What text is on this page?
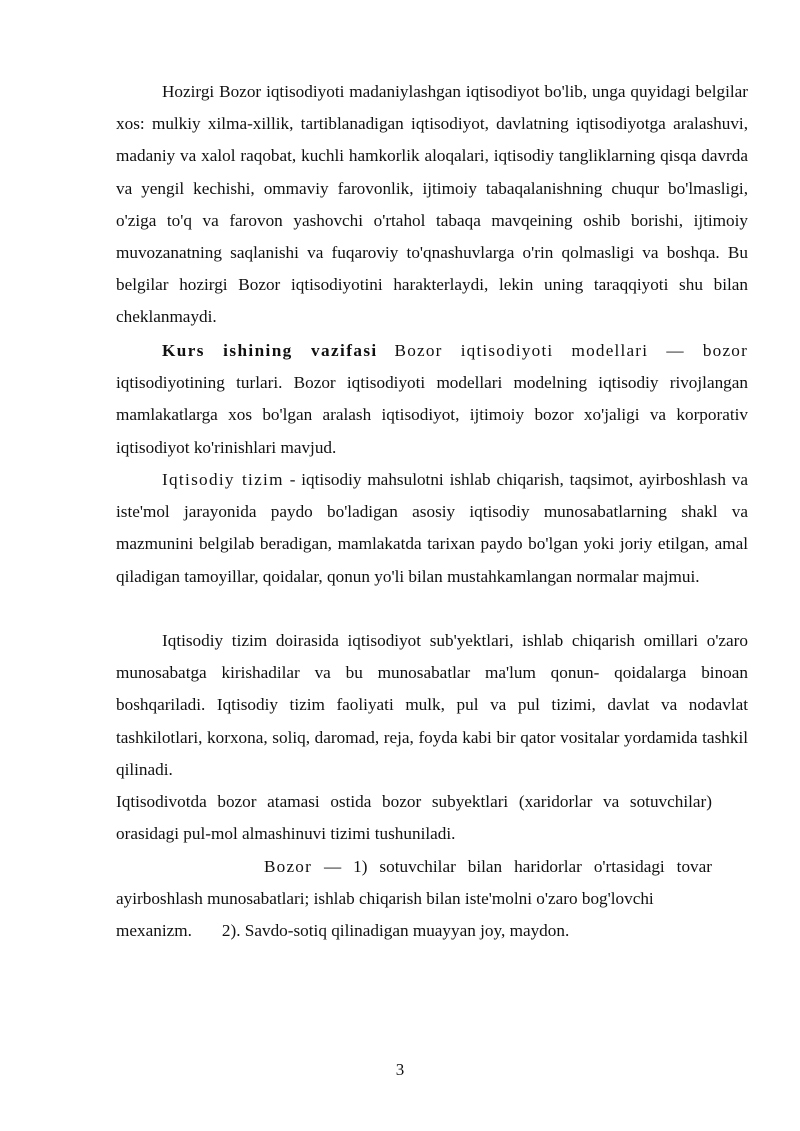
Hozirgi Bozor iqtisodiyoti madaniylashgan iqtisodiyot bo'lib, unga quyidagi belgilar xos: mulkiy xilma-xillik, tartiblanadigan iqtisodiyot, davlatning iqtisodiyotga aralashuvi, madaniy va xalol raqobat, kuchli hamkorlik aloqalari, iqtisodiy tangliklarning qisqa davrda va yengil kechishi, ommaviy farovonlik, ijtimoiy tabaqalanishning chuqur bo'lmasligi, o'ziga to'q va farovon yashovchi o'rtahol tabaqa mavqeining oshib borishi, ijtimoiy muvozanatning saqlanishi va fuqaroviy to'qnashuvlarga o'rin qolmasligi va boshqa. Bu belgilar hozirgi Bozor iqtisodiyotini harakterlaydi, lekin uning taraqqiyoti shu bilan cheklanmaydi.

Kurs ishining vazifasi Bozor iqtisodiyoti modellari — bozor iqtisodiyotining turlari. Bozor iqtisodiyoti modellari modelning iqtisodiy rivojlangan mamlakatlarga xos bo'lgan aralash iqtisodiyot, ijtimoiy bozor xo'jaligi va korporativ iqtisodiyot ko'rinishlari mavjud.

Iqtisodiy tizim - iqtisodiy mahsulotni ishlab chiqarish, taqsimot, ayirboshlash va iste'mol jarayonida paydo bo'ladigan asosiy iqtisodiy munosabatlarning shakl va mazmunini belgilab beradigan, mamlakatda tarixan paydo bo'lgan yoki joriy etilgan, amal qiladigan tamoyillar, qoidalar, qonun yo'li bilan mustahkamlangan normalar majmui.

Iqtisodiy tizim doirasida iqtisodiyot sub'yektlari, ishlab chiqarish omillari o'zaro munosabatga kirishadilar va bu munosabatlar ma'lum qonun- qoidalarga binoan boshqariladi. Iqtisodiy tizim faoliyati mulk, pul va pul tizimi, davlat va nodavlat tashkilotlari, korxona, soliq, daromad, reja, foyda kabi bir qator vositalar yordamida tashkil qilinadi.

Iqtisodivotda bozor atamasi ostida bozor subyektlari (xaridorlar va sotuvchilar) orasidagi pul-mol almashinuvi tizimi tushuniladi.

Bozor — 1) sotuvchilar bilan haridorlar o'rtasidagi tovar
ayirboshlash munosabatlari; ishlab chiqarish bilan iste'molni o'zaro bog'lovchi
mexanizm. 2). Savdo-sotiq qilinadigan muayyan joy, maydon.
3
